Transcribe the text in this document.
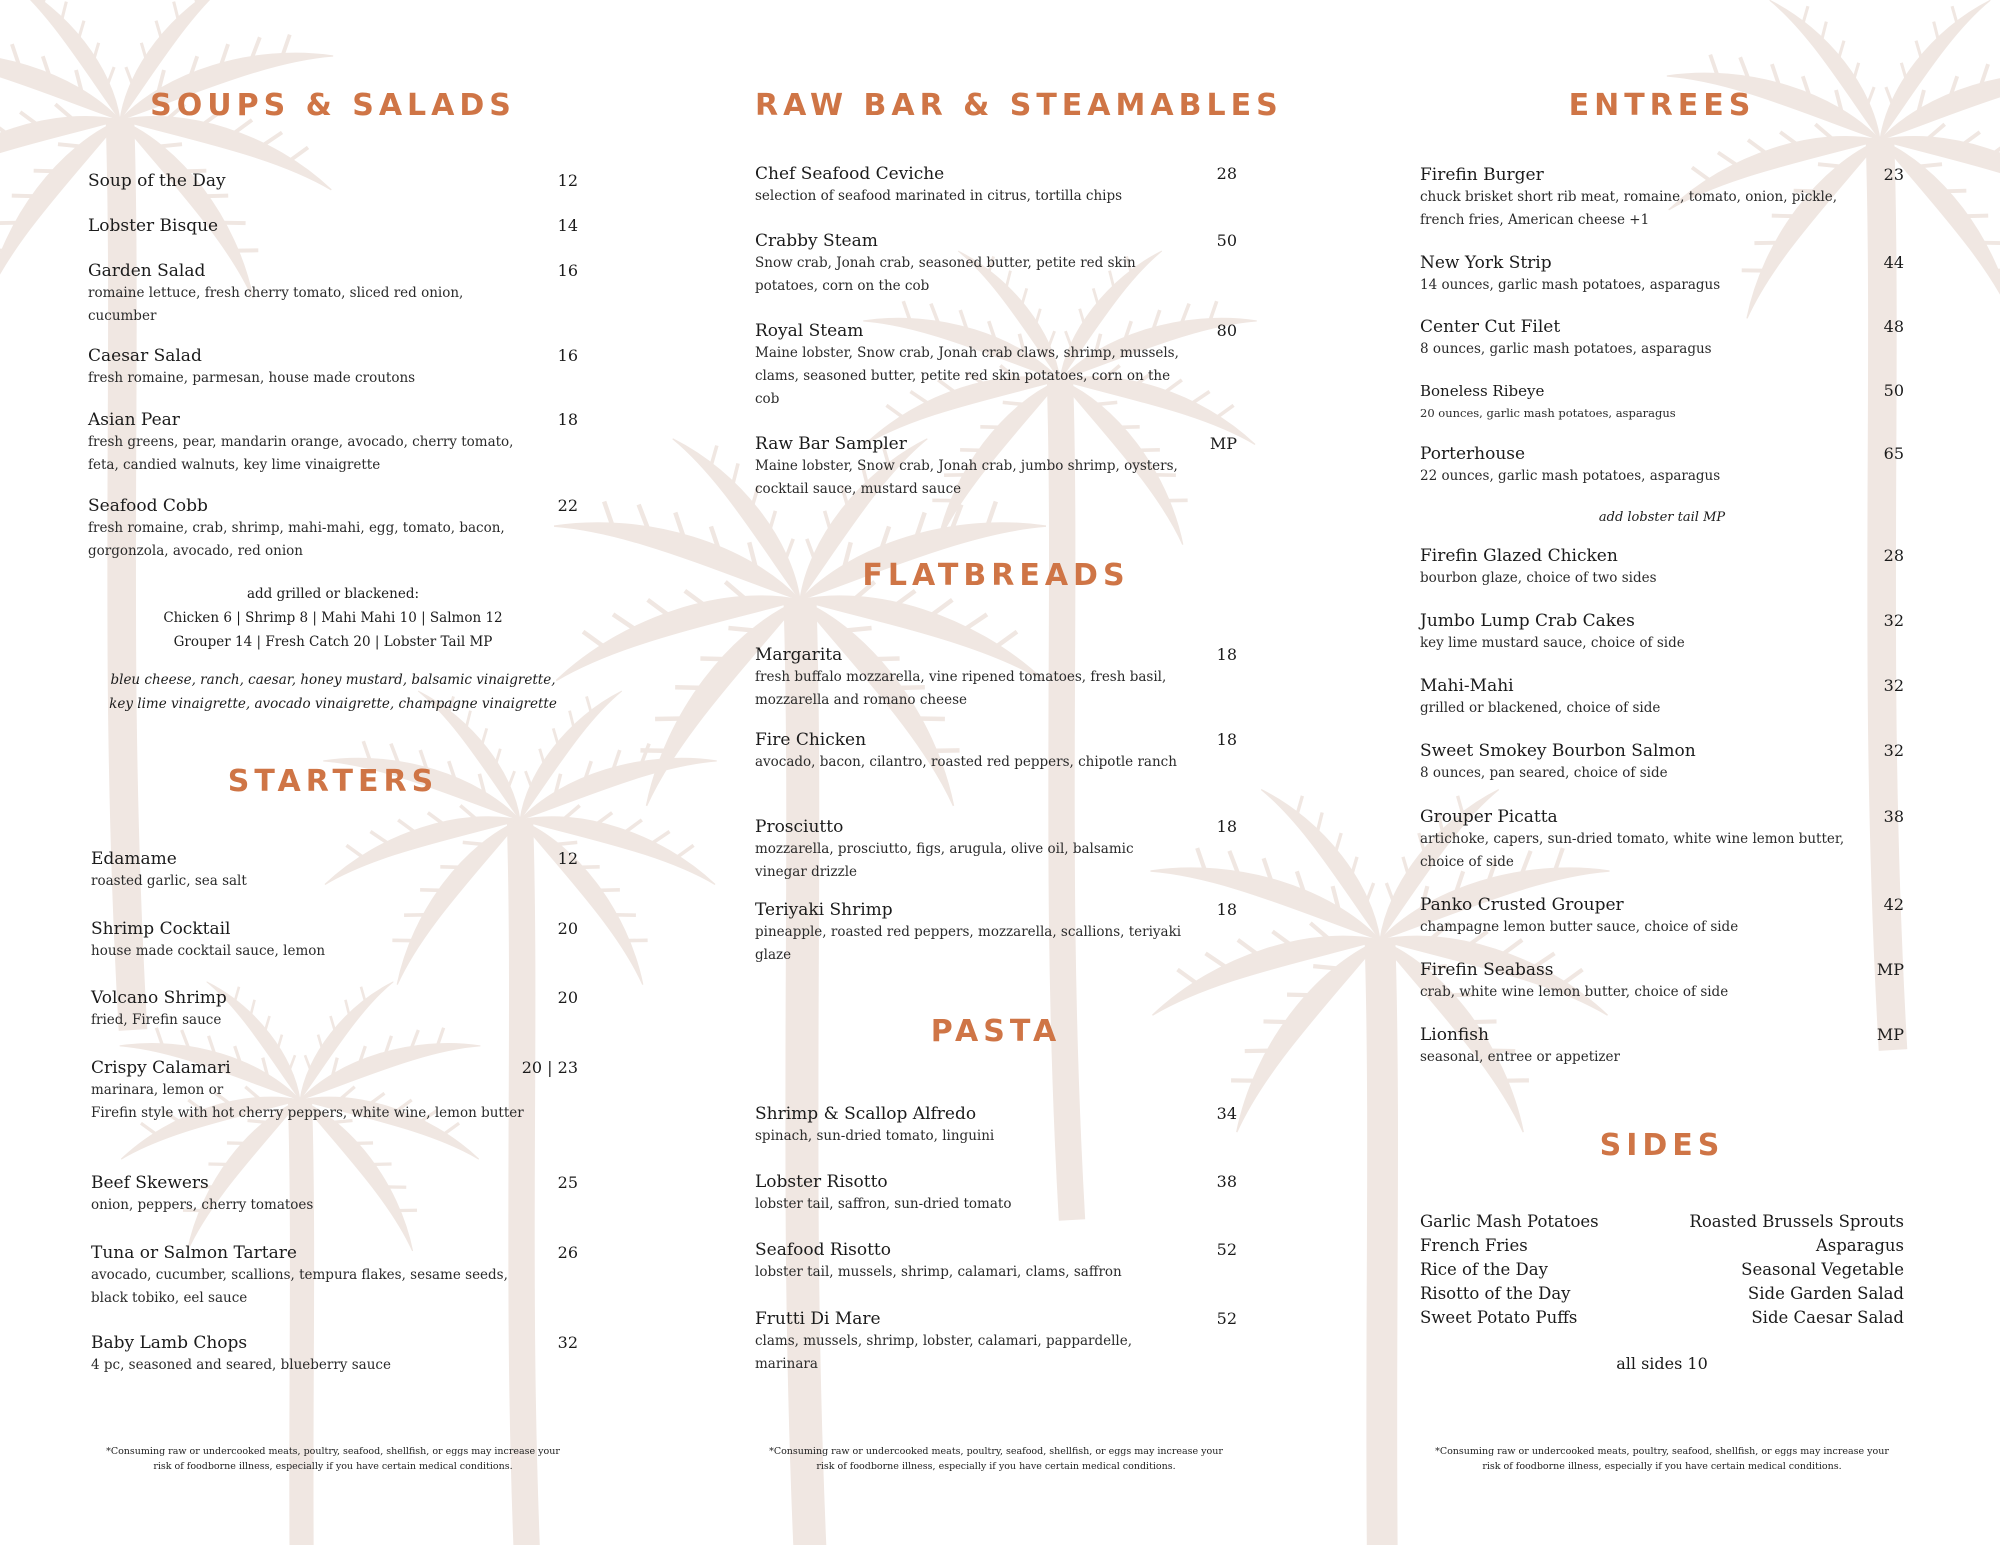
SOUPS & SALADS
Soup of the Day	12
Lobster Bisque	14
Garden Salad	16
romaine lettuce, fresh cherry tomato, sliced red onion, cucumber
Caesar Salad	16
fresh romaine, parmesan, house made croutons
Asian Pear	18
fresh greens, pear, mandarin orange, avocado, cherry tomato, feta, candied walnuts, key lime vinaigrette
Seafood Cobb	22
fresh romaine, crab, shrimp, mahi-mahi, egg, tomato, bacon, gorgonzola, avocado, red onion
add grilled or blackened:
Chicken 6 | Shrimp 8 | Mahi Mahi 10 | Salmon 12
Grouper 14 | Fresh Catch 20 | Lobster Tail MP
bleu cheese, ranch, caesar, honey mustard, balsamic vinaigrette,
key lime vinaigrette, avocado vinaigrette, champagne vinaigrette
STARTERS
Edamame	12
roasted garlic, sea salt
Shrimp Cocktail	20
house made cocktail sauce, lemon
Volcano Shrimp	20
fried, Firefin sauce
Crispy Calamari	20 | 23
marinara, lemon or
Firefin style with hot cherry peppers, white wine, lemon butter
Beef Skewers	25
onion, peppers, cherry tomatoes
Tuna or Salmon Tartare	26
avocado, cucumber, scallions, tempura flakes, sesame seeds, black tobiko, eel sauce
Baby Lamb Chops	32
4 pc, seasoned and seared, blueberry sauce
*Consuming raw or undercooked meats, poultry, seafood, shellfish, or eggs may increase your
risk of foodborne illness, especially if you have certain medical conditions.
RAW BAR & STEAMABLES
Chef Seafood Ceviche	28
selection of seafood marinated in citrus, tortilla chips
Crabby Steam	50
Snow crab, Jonah crab, seasoned butter, petite red skin potatoes, corn on the cob
Royal Steam	80
Maine lobster, Snow crab, Jonah crab claws, shrimp, mussels, clams, seasoned butter, petite red skin potatoes, corn on the cob
Raw Bar Sampler	MP
Maine lobster, Snow crab, Jonah crab, jumbo shrimp, oysters, cocktail sauce, mustard sauce
FLATBREADS
Margarita	18
fresh buffalo mozzarella, vine ripened tomatoes, fresh basil, mozzarella and romano cheese
Fire Chicken	18
avocado, bacon, cilantro, roasted red peppers, chipotle ranch
Prosciutto	18
mozzarella, prosciutto, figs, arugula, olive oil, balsamic vinegar drizzle
Teriyaki Shrimp	18
pineapple, roasted red peppers, mozzarella, scallions, teriyaki glaze
PASTA
Shrimp & Scallop Alfredo	34
spinach, sun-dried tomato, linguini
Lobster Risotto	38
lobster tail, saffron, sun-dried tomato
Seafood Risotto	52
lobster tail, mussels, shrimp, calamari, clams, saffron
Frutti Di Mare	52
clams, mussels, shrimp, lobster, calamari, pappardelle, marinara
*Consuming raw or undercooked meats, poultry, seafood, shellfish, or eggs may increase your
risk of foodborne illness, especially if you have certain medical conditions.
ENTREES
Firefin Burger	23
chuck brisket short rib meat, romaine, tomato, onion, pickle, french fries, American cheese +1
New York Strip	44
14 ounces, garlic mash potatoes, asparagus
Center Cut Filet	48
8 ounces, garlic mash potatoes, asparagus
Boneless Ribeye	50
20 ounces, garlic mash potatoes, asparagus
Porterhouse	65
22 ounces, garlic mash potatoes, asparagus
Firefin Glazed Chicken	28
bourbon glaze, choice of two sides
Jumbo Lump Crab Cakes	32
key lime mustard sauce, choice of side
Mahi-Mahi	32
grilled or blackened, choice of side
Sweet Smokey Bourbon Salmon	32
8 ounces, pan seared, choice of side
Grouper Picatta	38
artichoke, capers, sun-dried tomato, white wine lemon butter, choice of side
Panko Crusted Grouper	42
champagne lemon butter sauce, choice of side
Firefin Seabass	MP
crab, white wine lemon butter, choice of side
Lionfish	MP
seasonal, entree or appetizer
add lobster tail MP
SIDES
Garlic Mash Potatoes	Roasted Brussels Sprouts
French Fries	Asparagus
Rice of the Day	Seasonal Vegetable
Risotto of the Day	Side Garden Salad
Sweet Potato Puffs	Side Caesar Salad
all sides 10
*Consuming raw or undercooked meats, poultry, seafood, shellfish, or eggs may increase your
risk of foodborne illness, especially if you have certain medical conditions.
